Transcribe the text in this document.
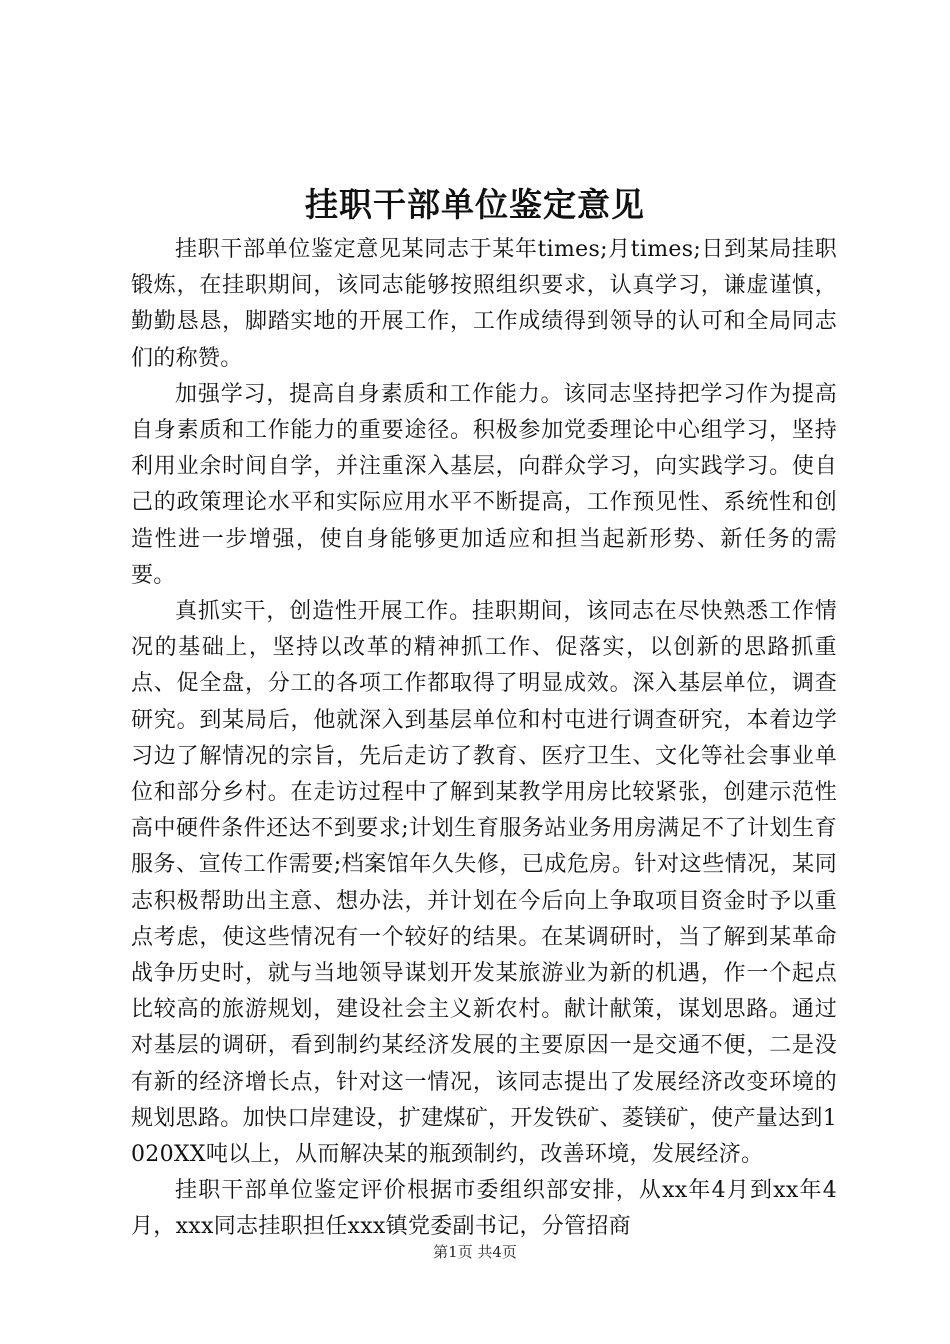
挂职干部单位鉴定意见

挂职干部单位鉴定意见某同志于某年times;月times;日到某局挂职锻炼，在挂职期间，该同志能够按照组织要求，认真学习，谦虚谨慎，勤勤恳恳，脚踏实地的开展工作，工作成绩得到领导的认可和全局同志们的称赞。

加强学习，提高自身素质和工作能力。该同志坚持把学习作为提高自身素质和工作能力的重要途径。积极参加党委理论中心组学习，坚持利用业余时间自学，并注重深入基层，向群众学习，向实践学习。使自己的政策理论水平和实际应用水平不断提高，工作预见性、系统性和创造性进一步增强，使自身能够更加适应和担当起新形势、新任务的需要。

真抓实干，创造性开展工作。挂职期间，该同志在尽快熟悉工作情况的基础上，坚持以改革的精神抓工作、促落实，以创新的思路抓重点、促全盘，分工的各项工作都取得了明显成效。深入基层单位，调查研究。到某局后，他就深入到基层单位和村屯进行调查研究，本着边学习边了解情况的宗旨，先后走访了教育、医疗卫生、文化等社会事业单位和部分乡村。在走访过程中了解到某教学用房比较紧张，创建示范性高中硬件条件还达不到要求;计划生育服务站业务用房满足不了计划生育服务、宣传工作需要;档案馆年久失修，已成危房。针对这些情况，某同志积极帮助出主意、想办法，并计划在今后向上争取项目资金时予以重点考虑，使这些情况有一个较好的结果。在某调研时，当了解到某革命战争历史时，就与当地领导谋划开发某旅游业为新的机遇，作一个起点比较高的旅游规划，建设社会主义新农村。献计献策，谋划思路。通过对基层的调研，看到制约某经济发展的主要原因一是交通不便，二是没有新的经济增长点，针对这一情况，该同志提出了发展经济改变环境的规划思路。加快口岸建设，扩建煤矿，开发铁矿、菱镁矿，使产量达到1020XX吨以上，从而解决某的瓶颈制约，改善环境，发展经济。

挂职干部单位鉴定评价根据市委组织部安排，从xx年4月到xx年4月，xxx同志挂职担任xxx镇党委副书记，分管招商

第1页 共4页
